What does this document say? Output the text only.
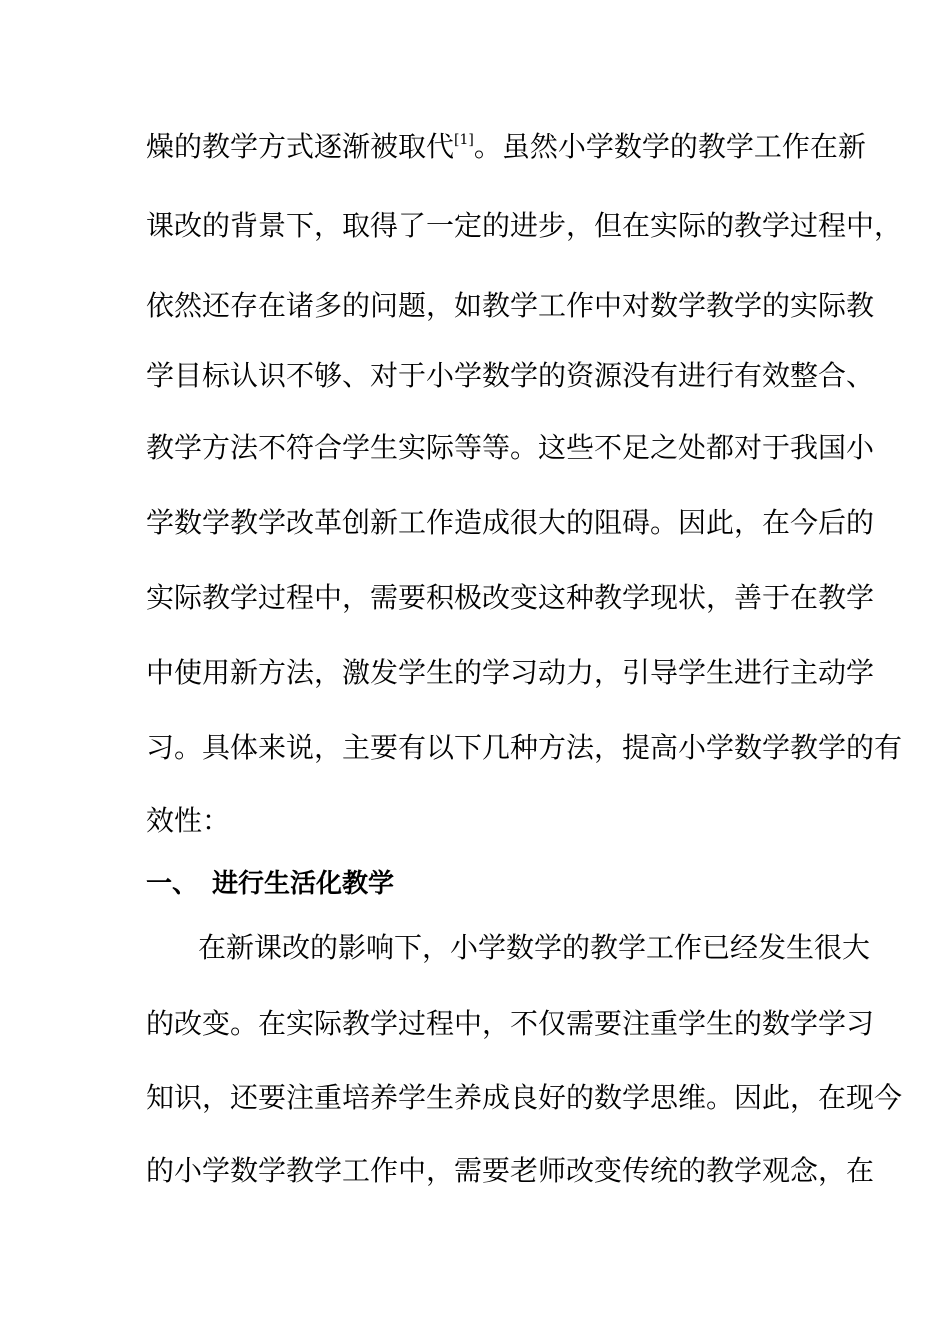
燥的教学方式逐渐被取代[1]。虽然小学数学的教学工作在新
课改的背景下，取得了一定的进步，但在实际的教学过程中，
依然还存在诸多的问题，如教学工作中对数学教学的实际教
学目标认识不够、对于小学数学的资源没有进行有效整合、
教学方法不符合学生实际等等。这些不足之处都对于我国小
学数学教学改革创新工作造成很大的阻碍。因此，在今后的
实际教学过程中，需要积极改变这种教学现状，善于在教学
中使用新方法，激发学生的学习动力，引导学生进行主动学
习。具体来说，主要有以下几种方法，提高小学数学教学的有
效性：
一、 进行生活化教学
在新课改的影响下，小学数学的教学工作已经发生很大
的改变。在实际教学过程中，不仅需要注重学生的数学学习
知识，还要注重培养学生养成良好的数学思维。因此，在现今
的小学数学教学工作中，需要老师改变传统的教学观念，在
